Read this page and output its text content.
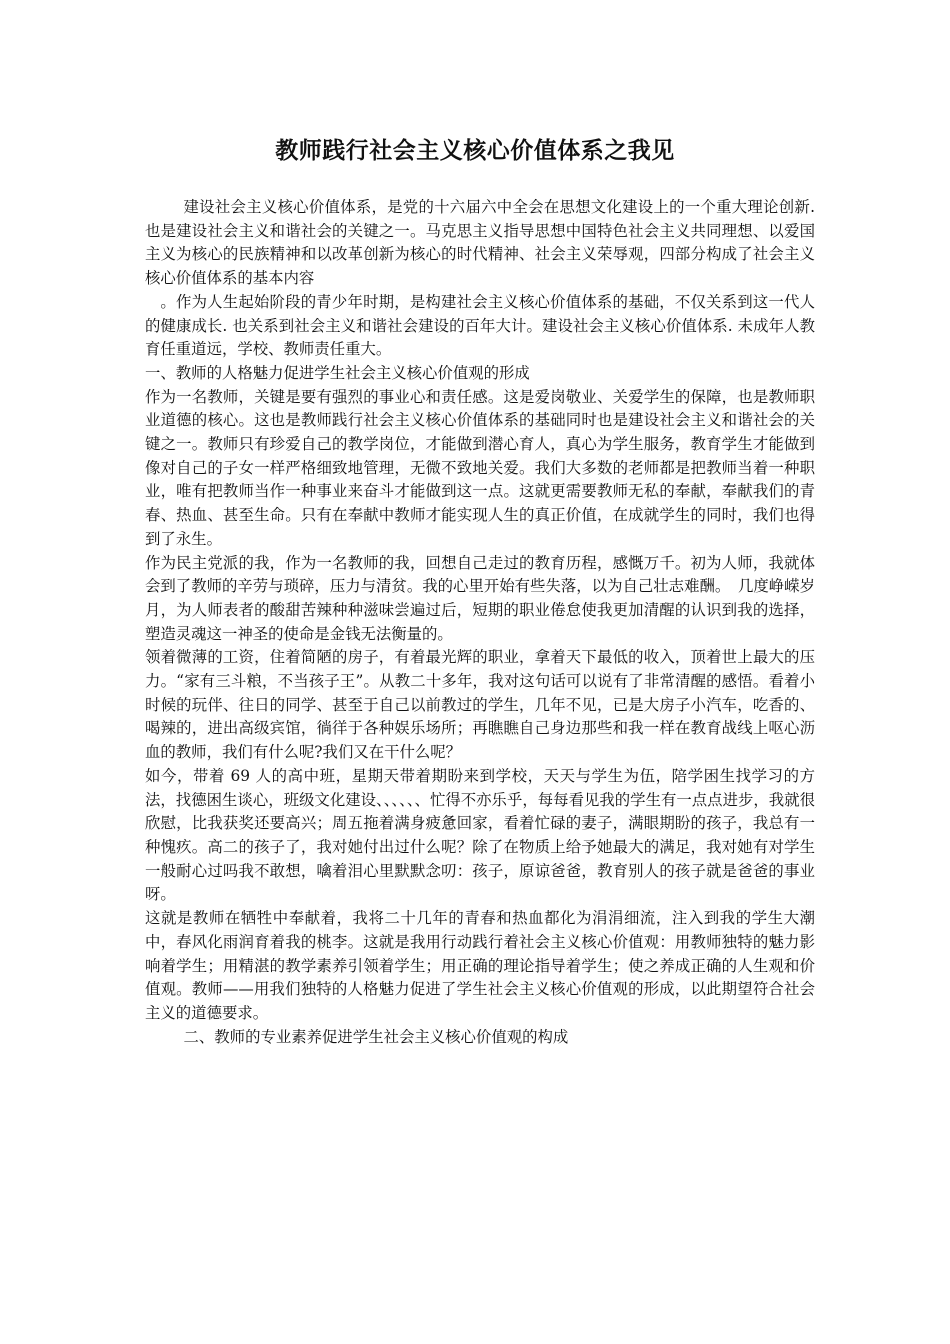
教师践行社会主义核心价值体系之我见

建设社会主义核心价值体系，是党的十六届六中全会在思想文化建设上的一个重大理论创新. 也是建设社会主义和谐社会的关键之一。马克思主义指导思想中国特色社会主义共同理想、以爱国主义为核心的民族精神和以改革创新为核心的时代精神、社会主义荣辱观，四部分构成了社会主义核心价值体系的基本内容

。作为人生起始阶段的青少年时期，是构建社会主义核心价值体系的基础，不仅关系到这一代人的健康成长. 也关系到社会主义和谐社会建设的百年大计。建设社会主义核心价值体系. 未成年人教育任重道远，学校、教师责任重大。

一、教师的人格魅力促进学生社会主义核心价值观的形成

作为一名教师，关键是要有强烈的事业心和责任感。这是爱岗敬业、关爱学生的保障，也是教师职业道德的核心。这也是教师践行社会主义核心价值体系的基础同时也是建设社会主义和谐社会的关键之一。教师只有珍爱自己的教学岗位，才能做到潜心育人，真心为学生服务，教育学生才能做到像对自己的子女一样严格细致地管理，无微不致地关爱。我们大多数的老师都是把教师当着一种职业，唯有把教师当作一种事业来奋斗才能做到这一点。这就更需要教师无私的奉献，奉献我们的青春、热血、甚至生命。只有在奉献中教师才能实现人生的真正价值，在成就学生的同时，我们也得到了永生。

作为民主党派的我，作为一名教师的我，回想自己走过的教育历程，感慨万千。初为人师，我就体会到了教师的辛劳与琐碎，压力与清贫。我的心里开始有些失落，以为自己壮志难酬。　几度峥嵘岁月，为人师表者的酸甜苦辣种种滋味尝遍过后，短期的职业倦怠使我更加清醒的认识到我的选择，塑造灵魂这一神圣的使命是金钱无法衡量的。

领着微薄的工资，住着简陋的房子，有着最光辉的职业，拿着天下最低的收入，顶着世上最大的压力。“家有三斗粮，不当孩子王”。从教二十多年，我对这句话可以说有了非常清醒的感悟。看着小时候的玩伴、往日的同学、甚至于自己以前教过的学生，几年不见，已是大房子小汽车，吃香的、喝辣的，进出高级宾馆，徜徉于各种娱乐场所；再瞧瞧自己身边那些和我一样在教育战线上呕心沥血的教师，我们有什么呢?我们又在干什么呢？

如今，带着 69 人的高中班，星期天带着期盼来到学校，天天与学生为伍，陪学困生找学习的方法，找德困生谈心，班级文化建设、、、、、、忙得不亦乐乎，每每看见我的学生有一点点进步，我就很欣慰，比我获奖还要高兴；周五拖着满身疲惫回家，看着忙碌的妻子，满眼期盼的孩子，我总有一种愧疚。高二的孩子了，我对她付出过什么呢？除了在物质上给予她最大的满足，我对她有对学生一般耐心过吗我不敢想，噙着泪心里默默念叨：孩子，原谅爸爸，教育别人的孩子就是爸爸的事业呀。

这就是教师在牺牲中奉献着，我将二十几年的青春和热血都化为涓涓细流，注入到我的学生大潮中，春风化雨润育着我的桃李。这就是我用行动践行着社会主义核心价值观：用教师独特的魅力影响着学生；用精湛的教学素养引领着学生；用正确的理论指导着学生；使之养成正确的人生观和价值观。教师——用我们独特的人格魅力促进了学生社会主义核心价值观的形成，以此期望符合社会主义的道德要求。

二、教师的专业素养促进学生社会主义核心价值观的构成
